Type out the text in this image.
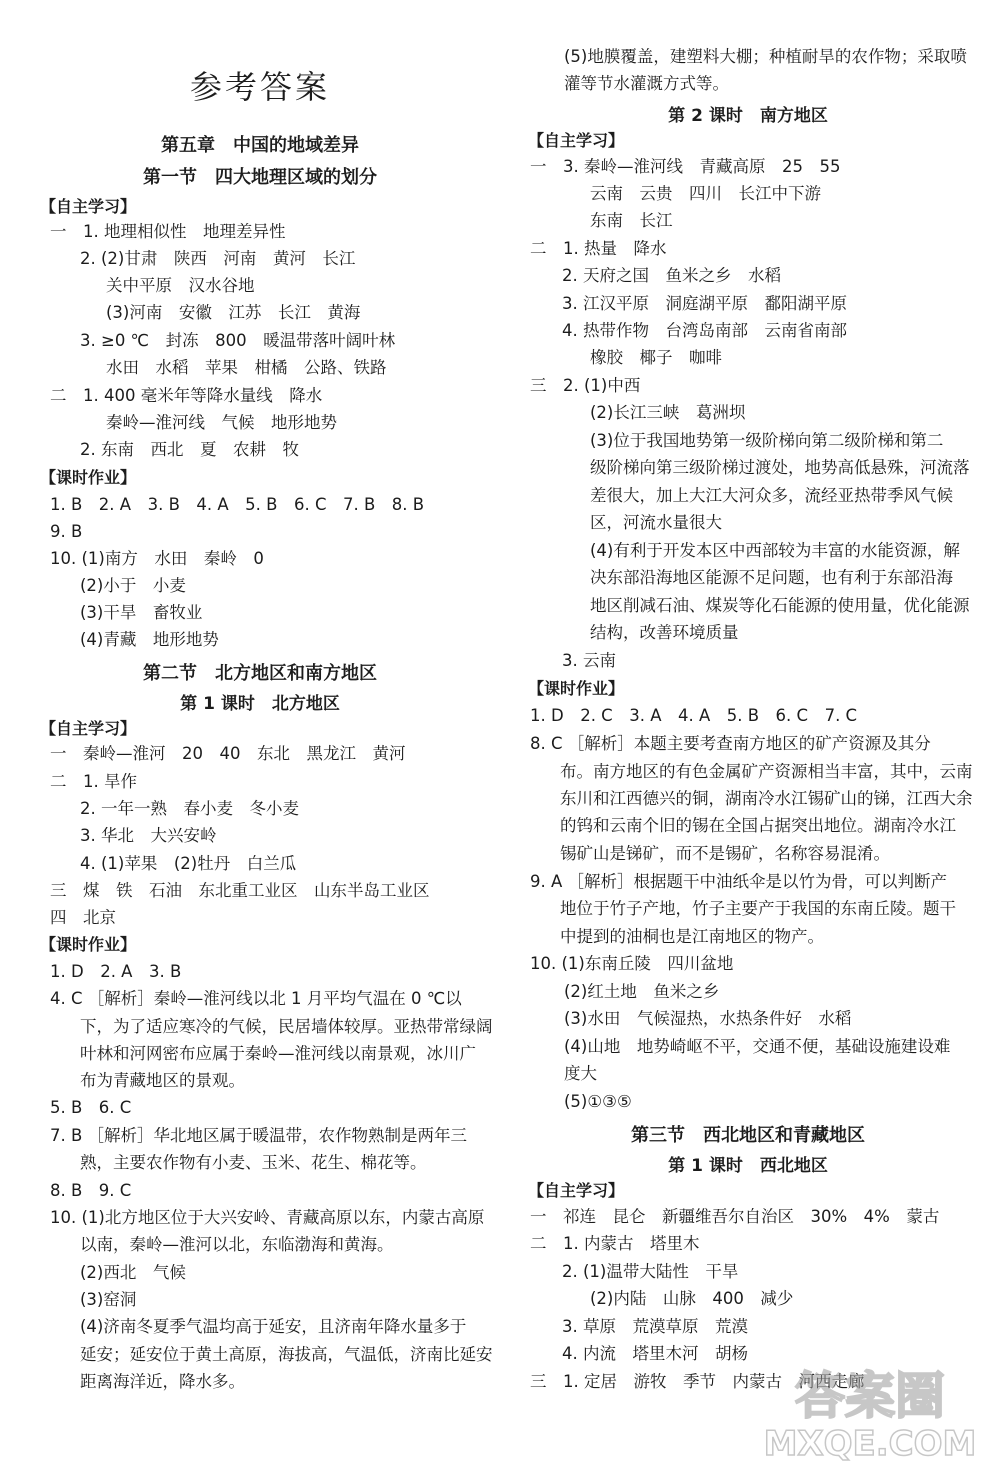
参考答案
第五章　中国的地域差异
第一节　四大地理区域的划分
【自主学习】
一　1. 地理相似性　地理差异性
2. (2)甘肃　陕西　河南　黄河　长江
关中平原　汉水谷地
(3)河南　安徽　江苏　长江　黄海
3. ≥0 ℃　封冻　800　暖温带落叶阔叶林
水田　水稻　苹果　柑橘　公路、铁路
二　1. 400 毫米年等降水量线　降水
秦岭—淮河线　气候　地形地势
2. 东南　西北　夏　农耕　牧
【课时作业】
1. B　2. A　3. B　4. A　5. B　6. C　7. B　8. B
9. B
10. (1)南方　水田　秦岭　0
(2)小于　小麦
(3)干旱　畜牧业
(4)青藏　地形地势
第二节　北方地区和南方地区
第 1 课时　北方地区
【自主学习】
一　秦岭—淮河　20　40　东北　黑龙江　黄河
二　1. 旱作
2. 一年一熟　春小麦　冬小麦
3. 华北　大兴安岭
4. (1)苹果　(2)牡丹　白兰瓜
三　煤　铁　石油　东北重工业区　山东半岛工业区
四　北京
【课时作业】
1. D　2. A　3. B
4. C ［解析］秦岭—淮河线以北 1 月平均气温在 0 ℃以
下，为了适应寒冷的气候，民居墙体较厚。亚热带常绿阔
叶林和河网密布应属于秦岭—淮河线以南景观，冰川广
布为青藏地区的景观。
5. B　6. C
7. B ［解析］华北地区属于暖温带，农作物熟制是两年三
熟，主要农作物有小麦、玉米、花生、棉花等。
8. B　9. C
10. (1)北方地区位于大兴安岭、青藏高原以东，内蒙古高原
以南，秦岭—淮河以北，东临渤海和黄海。
(2)西北　气候
(3)窑洞
(4)济南冬夏季气温均高于延安，且济南年降水量多于
延安；延安位于黄土高原，海拔高，气温低，济南比延安
距离海洋近，降水多。
(5)地膜覆盖，建塑料大棚；种植耐旱的农作物；采取喷
灌等节水灌溉方式等。
第 2 课时　南方地区
【自主学习】
一　3. 秦岭—淮河线　青藏高原　25　55
云南　云贵　四川　长江中下游
东南　长江
二　1. 热量　降水
2. 天府之国　鱼米之乡　水稻
3. 江汉平原　洞庭湖平原　鄱阳湖平原
4. 热带作物　台湾岛南部　云南省南部
橡胶　椰子　咖啡
三　2. (1)中西
(2)长江三峡　葛洲坝
(3)位于我国地势第一级阶梯向第二级阶梯和第二
级阶梯向第三级阶梯过渡处，地势高低悬殊，河流落
差很大，加上大江大河众多，流经亚热带季风气候
区，河流水量很大
(4)有利于开发本区中西部较为丰富的水能资源，解
决东部沿海地区能源不足问题，也有利于东部沿海
地区削减石油、煤炭等化石能源的使用量，优化能源
结构，改善环境质量
3. 云南
【课时作业】
1. D　2. C　3. A　4. A　5. B　6. C　7. C
8. C ［解析］本题主要考查南方地区的矿产资源及其分
布。南方地区的有色金属矿产资源相当丰富，其中，云南
东川和江西德兴的铜，湖南冷水江锡矿山的锑，江西大余
的钨和云南个旧的锡在全国占据突出地位。湖南冷水江
锡矿山是锑矿，而不是锡矿，名称容易混淆。
9. A ［解析］根据题干中油纸伞是以竹为骨，可以判断产
地位于竹子产地，竹子主要产于我国的东南丘陵。题干
中提到的油桐也是江南地区的物产。
10. (1)东南丘陵　四川盆地
(2)红土地　鱼米之乡
(3)水田　气候湿热，水热条件好　水稻
(4)山地　地势崎岖不平，交通不便，基础设施建设难
度大
(5)①③⑤
第三节　西北地区和青藏地区
第 1 课时　西北地区
【自主学习】
一　祁连　昆仑　新疆维吾尔自治区　30%　4%　蒙古
二　1. 内蒙古　塔里木
2. (1)温带大陆性　干旱
(2)内陆　山脉　400　减少
3. 草原　荒漠草原　荒漠
4. 内流　塔里木河　胡杨
三　1. 定居　游牧　季节　内蒙古　河西走廊
答案圈
MXQE.COM
